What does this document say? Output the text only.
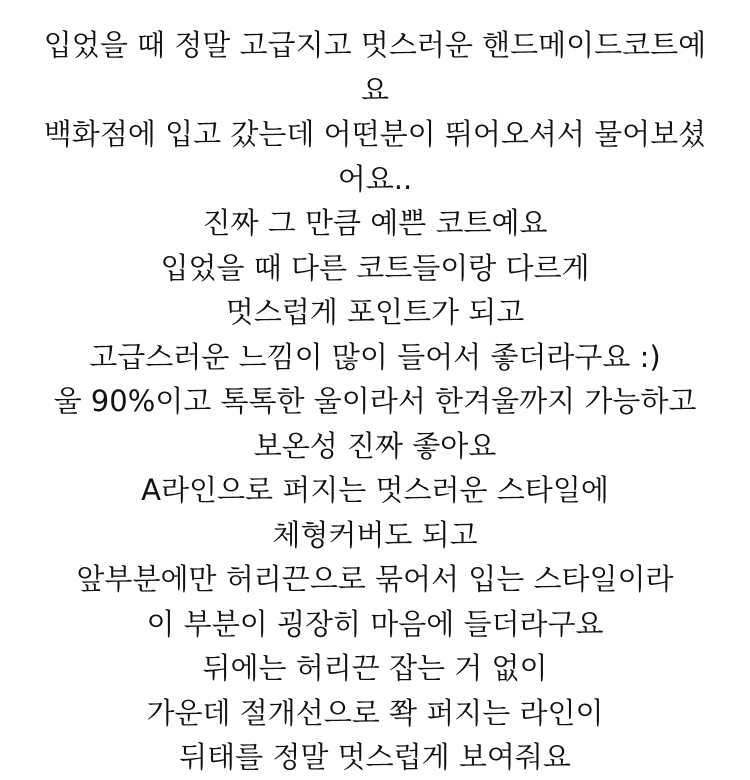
입었을 때 정말 고급지고 멋스러운 핸드메이드코트예
요
백화점에 입고 갔는데 어떤분이 뛰어오셔서 물어보셨
어요..
진짜 그 만큼 예쁜 코트예요
입었을 때 다른 코트들이랑 다르게
멋스럽게 포인트가 되고
고급스러운 느낌이 많이 들어서 좋더라구요 :)
울 90%이고 톡톡한 울이라서 한겨울까지 가능하고
보온성 진짜 좋아요
A라인으로 퍼지는 멋스러운 스타일에
체형커버도 되고
앞부분에만 허리끈으로 묶어서 입는 스타일이라
이 부분이 굉장히 마음에 들더라구요
뒤에는 허리끈 잡는 거 없이
가운데 절개선으로 쫙 퍼지는 라인이
뒤태를 정말 멋스럽게 보여줘요
